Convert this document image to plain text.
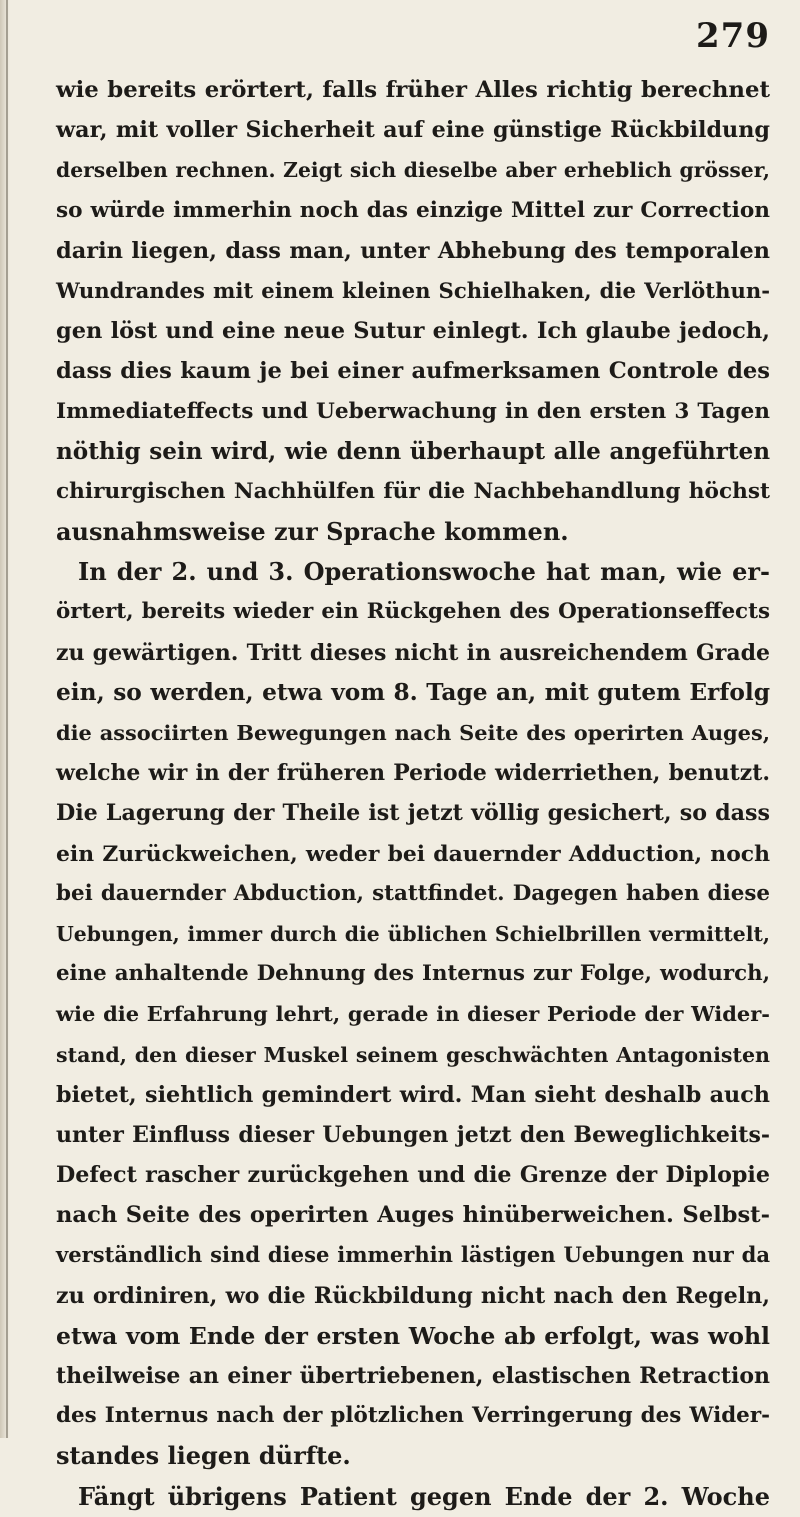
279
wie bereits erörtert, falls früher Alles richtig berechnet
war, mit voller Sicherheit auf eine günstige Rückbildung
derselben rechnen. Zeigt sich dieselbe aber erheblich grösser,
so würde immerhin noch das einzige Mittel zur Correction
darin liegen, dass man, unter Abhebung des temporalen
Wundrandes mit einem kleinen Schielhaken, die Verlöthun-
gen löst und eine neue Sutur einlegt. Ich glaube jedoch,
dass dies kaum je bei einer aufmerksamen Controle des
Immediateffects und Ueberwachung in den ersten 3 Tagen
nöthig sein wird, wie denn überhaupt alle angeführten
chirurgischen Nachhülfen für die Nachbehandlung höchst
ausnahmsweise zur Sprache kommen.
In der 2. und 3. Operationswoche hat man, wie er-
örtert, bereits wieder ein Rückgehen des Operationseffects
zu gewärtigen. Tritt dieses nicht in ausreichendem Grade
ein, so werden, etwa vom 8. Tage an, mit gutem Erfolg
die associirten Bewegungen nach Seite des operirten Auges,
welche wir in der früheren Periode widerriethen, benutzt.
Die Lagerung der Theile ist jetzt völlig gesichert, so dass
ein Zurückweichen, weder bei dauernder Adduction, noch
bei dauernder Abduction, stattfindet. Dagegen haben diese
Uebungen, immer durch die üblichen Schielbrillen vermittelt,
eine anhaltende Dehnung des Internus zur Folge, wodurch,
wie die Erfahrung lehrt, gerade in dieser Periode der Wider-
stand, den dieser Muskel seinem geschwächten Antagonisten
bietet, siehtlich gemindert wird. Man sieht deshalb auch
unter Einfluss dieser Uebungen jetzt den Beweglichkeits-
Defect rascher zurückgehen und die Grenze der Diplopie
nach Seite des operirten Auges hinüberweichen. Selbst-
verständlich sind diese immerhin lästigen Uebungen nur da
zu ordiniren, wo die Rückbildung nicht nach den Regeln,
etwa vom Ende der ersten Woche ab erfolgt, was wohl
theilweise an einer übertriebenen, elastischen Retraction
des Internus nach der plötzlichen Verringerung des Wider-
standes liegen dürfte.
Fängt übrigens Patient gegen Ende der 2. Woche
